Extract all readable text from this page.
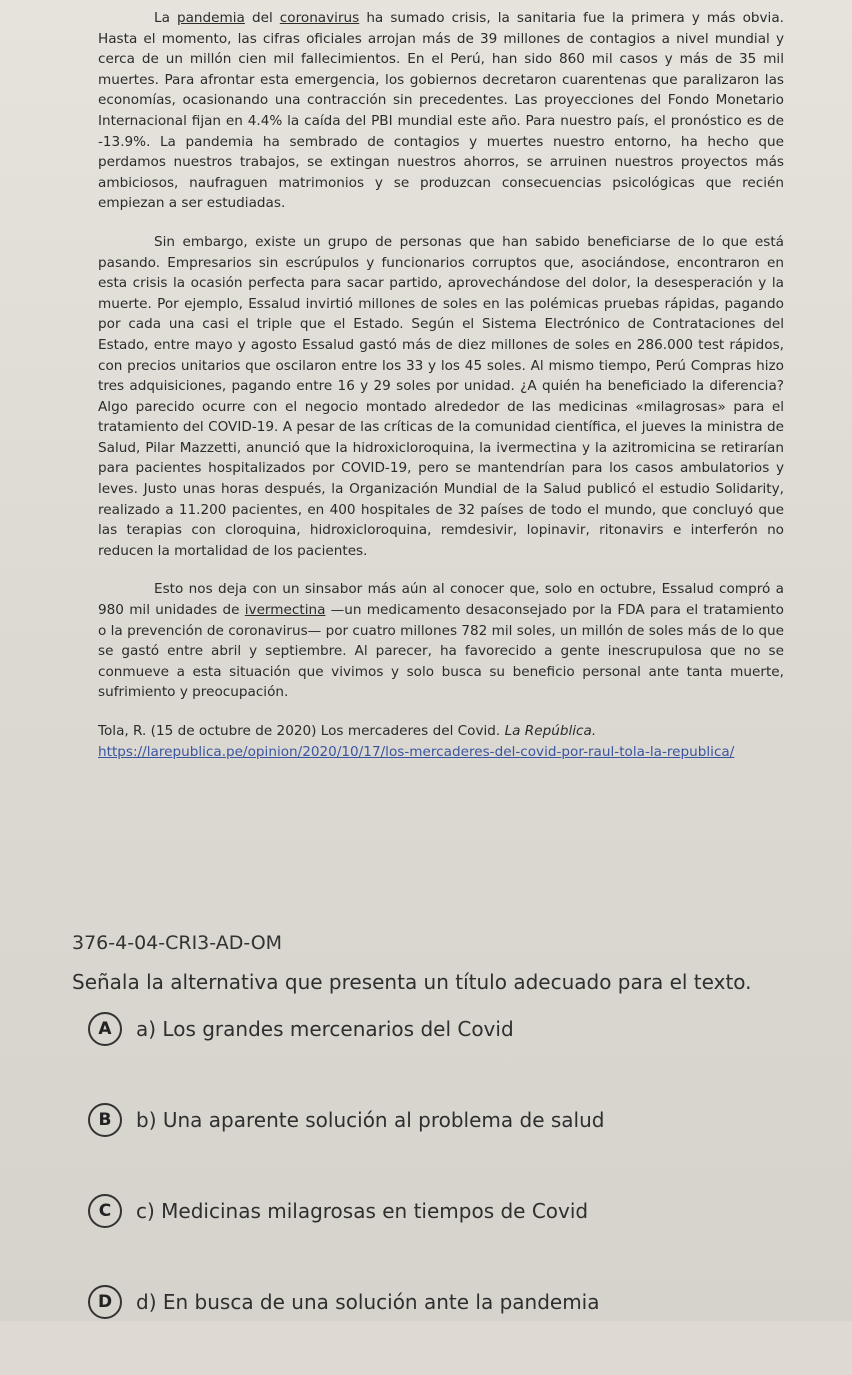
La pandemia del coronavirus ha sumado crisis, la sanitaria fue la primera y más obvia. Hasta el momento, las cifras oficiales arrojan más de 39 millones de contagios a nivel mundial y cerca de un millón cien mil fallecimientos. En el Perú, han sido 860 mil casos y más de 35 mil muertes. Para afrontar esta emergencia, los gobiernos decretaron cuarentenas que paralizaron las economías, ocasionando una contracción sin precedentes. Las proyecciones del Fondo Monetario Internacional fijan en 4.4% la caída del PBI mundial este año. Para nuestro país, el pronóstico es de -13.9%. La pandemia ha sembrado de contagios y muertes nuestro entorno, ha hecho que perdamos nuestros trabajos, se extingan nuestros ahorros, se arruinen nuestros proyectos más ambiciosos, naufraguen matrimonios y se produzcan consecuencias psicológicas que recién empiezan a ser estudiadas.

Sin embargo, existe un grupo de personas que han sabido beneficiarse de lo que está pasando. Empresarios sin escrúpulos y funcionarios corruptos que, asociándose, encontraron en esta crisis la ocasión perfecta para sacar partido, aprovechándose del dolor, la desesperación y la muerte. Por ejemplo, Essalud invirtió millones de soles en las polémicas pruebas rápidas, pagando por cada una casi el triple que el Estado. Según el Sistema Electrónico de Contrataciones del Estado, entre mayo y agosto Essalud gastó más de diez millones de soles en 286.000 test rápidos, con precios unitarios que oscilaron entre los 33 y los 45 soles. Al mismo tiempo, Perú Compras hizo tres adquisiciones, pagando entre 16 y 29 soles por unidad. ¿A quién ha beneficiado la diferencia? Algo parecido ocurre con el negocio montado alrededor de las medicinas «milagrosas» para el tratamiento del COVID-19. A pesar de las críticas de la comunidad científica, el jueves la ministra de Salud, Pilar Mazzetti, anunció que la hidroxicloroquina, la ivermectina y la azitromicina se retirarían para pacientes hospitalizados por COVID-19, pero se mantendrían para los casos ambulatorios y leves. Justo unas horas después, la Organización Mundial de la Salud publicó el estudio Solidarity, realizado a 11.200 pacientes, en 400 hospitales de 32 países de todo el mundo, que concluyó que las terapias con cloroquina, hidroxicloroquina, remdesivir, lopinavir, ritonavirs e interferón no reducen la mortalidad de los pacientes.

Esto nos deja con un sinsabor más aún al conocer que, solo en octubre, Essalud compró a 980 mil unidades de ivermectina —un medicamento desaconsejado por la FDA para el tratamiento o la prevención de coronavirus— por cuatro millones 782 mil soles, un millón de soles más de lo que se gastó entre abril y septiembre. Al parecer, ha favorecido a gente inescrupulosa que no se conmueve a esta situación que vivimos y solo busca su beneficio personal ante tanta muerte, sufrimiento y preocupación.

Tola, R. (15 de octubre de 2020) Los mercaderes del Covid. La República.

https://larepublica.pe/opinion/2020/10/17/los-mercaderes-del-covid-por-raul-tola-la-republica/
376-4-04-CRI3-AD-OM
Señala la alternativa que presenta un título adecuado para el texto.
A	a) Los grandes mercenarios del Covid
B	b) Una aparente solución al problema de salud
C	c) Medicinas milagrosas en tiempos de Covid
D	d) En busca de una solución ante la pandemia
